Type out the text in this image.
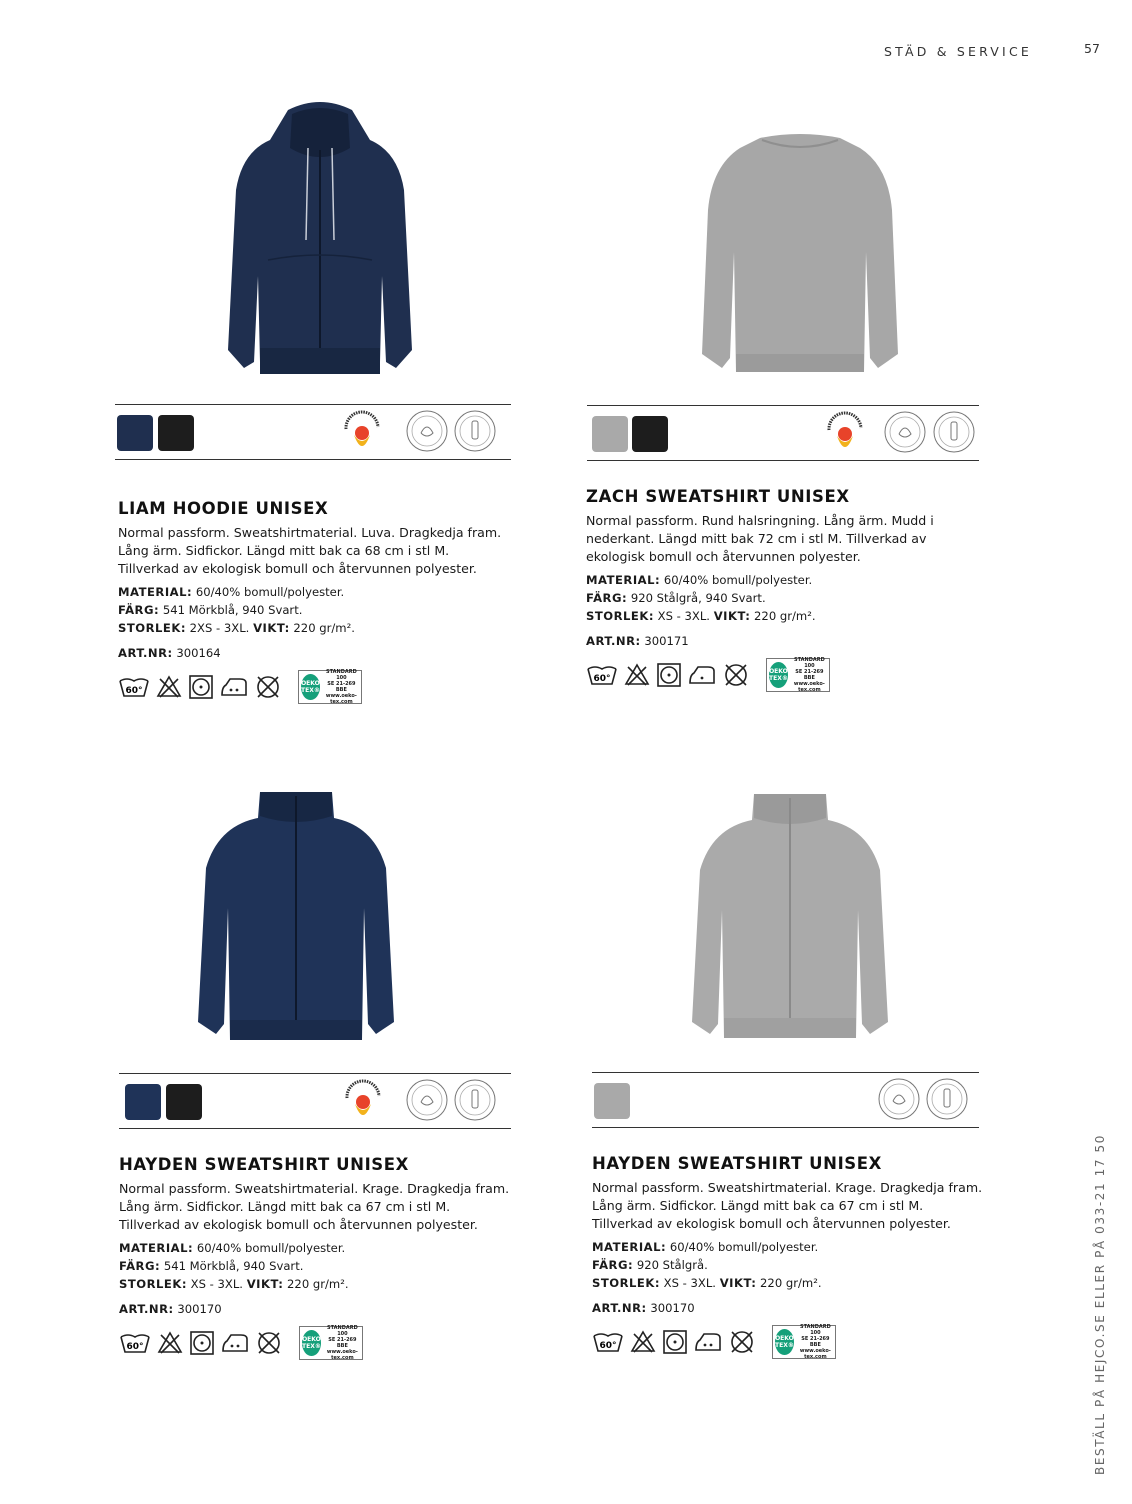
STÄD & SERVICE	57
BESTÄLL PÅ HEJCO.SE ELLER PÅ 033-21 17 50
LIAM HOODIE UNISEX

Normal passform. Sweatshirtmaterial. Luva. Dragkedja fram. Lång ärm. Sidfickor. Längd mitt bak ca 68 cm i stl M. Tillverkad av ekologisk bomull och återvunnen polyester.

MATERIAL: 60/40% bomull/polyester.
FÄRG: 541 Mörkblå, 940 Svart.
STORLEK: 2XS - 3XL. VIKT: 220 gr/m².
ART.NR: 300164
60°
OEKO TEX®
STANDARD 100
SE 21-269 BBE
www.oeko-tex.com
ZACH SWEATSHIRT UNISEX

Normal passform. Rund halsringning. Lång ärm. Mudd i nederkant. Längd mitt bak 72 cm i stl M. Tillverkad av ekologisk bomull och återvunnen polyester.

MATERIAL: 60/40% bomull/polyester.
FÄRG: 920 Stålgrå, 940 Svart.
STORLEK: XS - 3XL. VIKT: 220 gr/m².
ART.NR: 300171
60°
OEKO TEX®
STANDARD 100
SE 21-269 BBE
www.oeko-tex.com
HAYDEN SWEATSHIRT UNISEX

Normal passform. Sweatshirtmaterial. Krage. Dragkedja fram. Lång ärm. Sidfickor. Längd mitt bak ca 67 cm i stl M. Tillverkad av ekologisk bomull och återvunnen polyester.

MATERIAL: 60/40% bomull/polyester.
FÄRG: 541 Mörkblå, 940 Svart.
STORLEK: XS - 3XL. VIKT: 220 gr/m².
ART.NR: 300170
60°
OEKO TEX®
STANDARD 100
SE 21-269 BBE
www.oeko-tex.com
HAYDEN SWEATSHIRT UNISEX

Normal passform. Sweatshirtmaterial. Krage. Dragkedja fram. Lång ärm. Sidfickor. Längd mitt bak ca 67 cm i stl M. Tillverkad av ekologisk bomull och återvunnen polyester.

MATERIAL: 60/40% bomull/polyester.
FÄRG: 920 Stålgrå.
STORLEK: XS - 3XL. VIKT: 220 gr/m².
ART.NR: 300170
60°
OEKO TEX®
STANDARD 100
SE 21-269 BBE
www.oeko-tex.com
